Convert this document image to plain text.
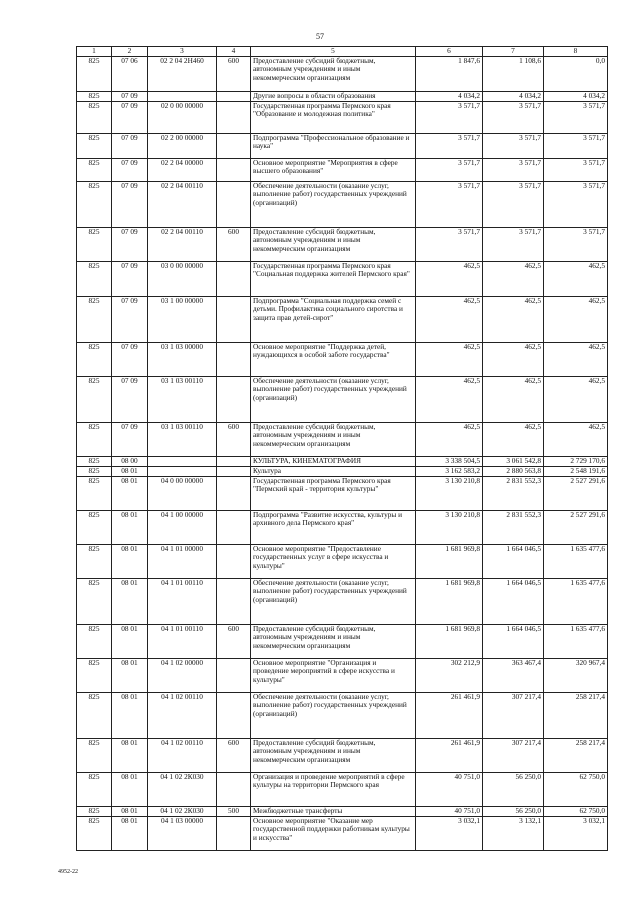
57
1	2	3	4	5	6	7	8
825	07 06	02 2 04 2Н460	600	Предоставление субсидий бюджетным, автономным учреждениям и иным некоммерческим организациям	1 847,6	1 108,6	0,0
825	07 09			Другие вопросы в области образования	4 034,2	4 034,2	4 034,2
825	07 09	02 0 00 00000		Государственная программа Пермского края "Образование и молодежная политика"	3 571,7	3 571,7	3 571,7
825	07 09	02 2 00 00000		Подпрограмма "Профессиональное образование и наука"	3 571,7	3 571,7	3 571,7
825	07 09	02 2 04 00000		Основное мероприятие "Мероприятия в сфере высшего образования"	3 571,7	3 571,7	3 571,7
825	07 09	02 2 04 00110		Обеспечение деятельности (оказание услуг, выполнение работ) государственных учреждений (организаций)	3 571,7	3 571,7	3 571,7
825	07 09	02 2 04 00110	600	Предоставление субсидий бюджетным, автономным учреждениям и иным некоммерческим организациям	3 571,7	3 571,7	3 571,7
825	07 09	03 0 00 00000		Государственная программа Пермского края "Социальная поддержка жителей Пермского края"	462,5	462,5	462,5
825	07 09	03 1 00 00000		Подпрограмма "Социальная поддержка семей с детьми. Профилактика социального сиротства и защита прав детей-сирот"	462,5	462,5	462,5
825	07 09	03 1 03 00000		Основное мероприятие "Поддержка детей, нуждающихся в особой заботе государства"	462,5	462,5	462,5
825	07 09	03 1 03 00110		Обеспечение деятельности (оказание услуг, выполнение работ) государственных учреждений (организаций)	462,5	462,5	462,5
825	07 09	03 1 03 00110	600	Предоставление субсидий бюджетным, автономным учреждениям и иным некоммерческим организациям	462,5	462,5	462,5
825	08 00			КУЛЬТУРА, КИНЕМАТОГРАФИЯ	3 338 504,5	3 061 542,8	2 729 170,6
825	08 01			Культура	3 162 583,2	2 880 563,8	2 548 191,6
825	08 01	04 0 00 00000		Государственная программа Пермского края "Пермский край - территория культуры"	3 130 210,8	2 831 552,3	2 527 291,6
825	08 01	04 1 00 00000		Подпрограмма "Развитие искусства, культуры и архивного дела Пермского края"	3 130 210,8	2 831 552,3	2 527 291,6
825	08 01	04 1 01 00000		Основное мероприятие "Предоставление государственных услуг в сфере искусства и культуры"	1 681 969,8	1 664 046,5	1 635 477,6
825	08 01	04 1 01 00110		Обеспечение деятельности (оказание услуг, выполнение работ) государственных учреждений (организаций)	1 681 969,8	1 664 046,5	1 635 477,6
825	08 01	04 1 01 00110	600	Предоставление субсидий бюджетным, автономным учреждениям и иным некоммерческим организациям	1 681 969,8	1 664 046,5	1 635 477,6
825	08 01	04 1 02 00000		Основное мероприятие "Организация и проведение мероприятий в сфере искусства и культуры"	302 212,9	363 467,4	320 967,4
825	08 01	04 1 02 00110		Обеспечение деятельности (оказание услуг, выполнение работ) государственных учреждений (организаций)	261 461,9	307 217,4	258 217,4
825	08 01	04 1 02 00110	600	Предоставление субсидий бюджетным, автономным учреждениям и иным некоммерческим организациям	261 461,9	307 217,4	258 217,4
825	08 01	04 1 02 2К030		Организация и проведение мероприятий в сфере культуры на территории Пермского края	40 751,0	56 250,0	62 750,0
825	08 01	04 1 02 2К030	500	Межбюджетные трансферты	40 751,0	56 250,0	62 750,0
825	08 01	04 1 03 00000		Основное мероприятие "Оказание мер государственной поддержки работникам культуры и искусства"	3 032,1	3 132,1	3 032,1
4952-22
